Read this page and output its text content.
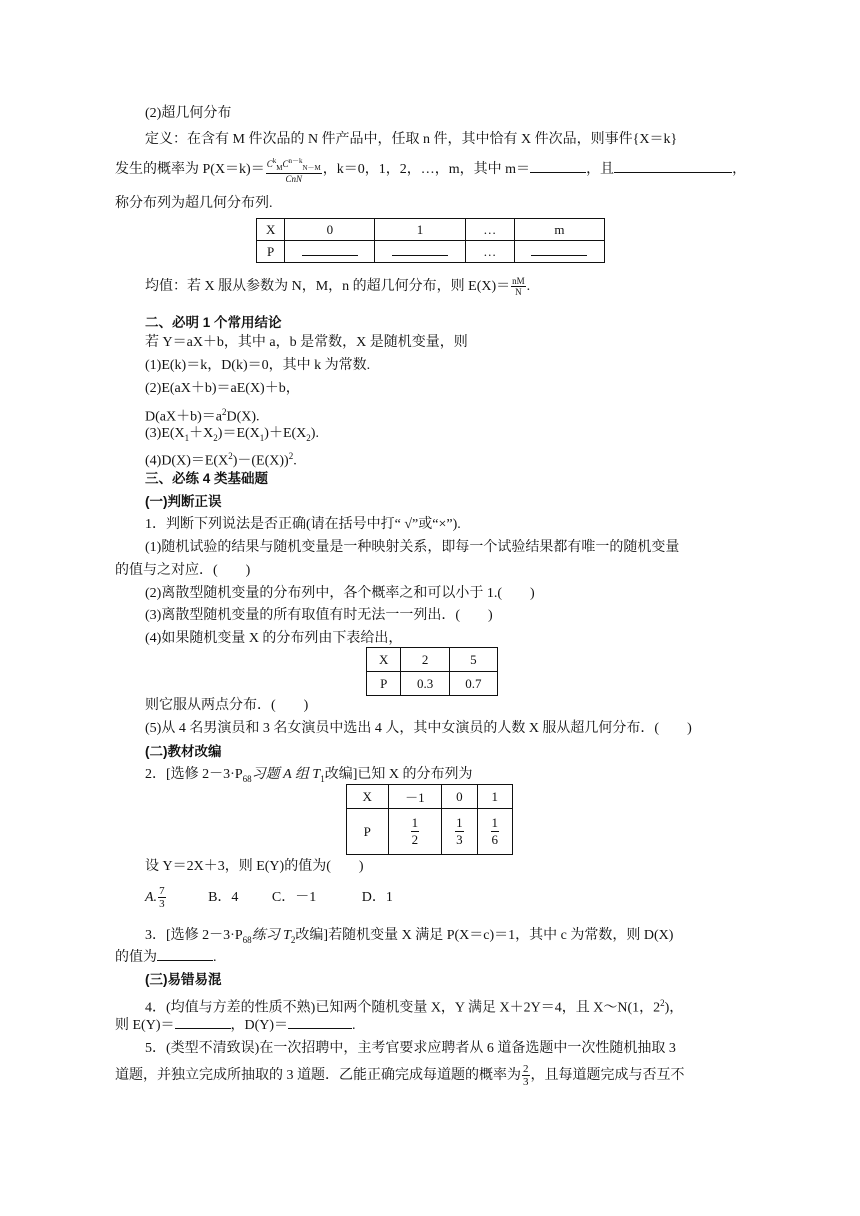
(2)超几何分布
定义：在含有 M 件次品的 N 件产品中，任取 n 件，其中恰有 X 件次品，则事件{X＝k}
发生的概率为 $P(X=k)= \frac{C^k_MC^{n-k}_{N-M}}{\text{CnN}}$ ，k＝0，1，2，…，m，其中 m＝	，且	，
称分布列为超几何分布列.
X	0	1	…	m
P			…	
均值：若 X 服从参数为 N，M，n 的超几何分布，则 $E(X)= \frac{nM}{N}$ .
二、必明 1 个常用结论
若 Y＝aX＋b，其中 a，b 是常数，X 是随机变量，则
(1)E(k)＝k，D(k)＝0，其中 k 为常数.
(2)E(aX＋b)＝aE(X)＋b，
$D(aX+b)=a^2D(X)$.
$(3)E(X_1+X_2)=E(X_1)+E(X_2)$.
$(4)D(X)=E(X^2)-(E(X))^2$.
三、必练 4 类基础题
(一)判断正误
1．判断下列说法是否正确(请在括号中打“ √”或“×”).
(1)随机试验的结果与随机变量是一种映射关系，即每一个试验结果都有唯一的随机变量
的值与之对应．(　　)
(2)离散型随机变量的分布列中，各个概率之和可以小于 1.(　　)
(3)离散型随机变量的所有取值有时无法一一列出．(　　)
(4)如果随机变量 X 的分布列由下表给出，
X	2	5
P	0.3	0.7
则它服从两点分布．(　　)
(5)从 4 名男演员和 3 名女演员中选出 4 人，其中女演员的人数 X 服从超几何分布．(　　)
(二)教材改编
2．[选修 $2-3\cdot P_{68}$习题 A 组 $T_1$改编]已知 X 的分布列为
X	－1	0	1
P	$\frac{1}{2}$	$\frac{1}{3}$	$\frac{1}{6}$
设 Y＝2X＋3，则 E(Y)的值为(　　)
A. $\frac{7}{3}$	B．4 C．－1	D．1
3．[选修 $2-3\cdot P_{68}$练习 $T_2$改编]若随机变量 X 满足 P(X＝c)＝1，其中 c 为常数，则 D(X)
的值为	.
(三)易错易混
4．(均值与方差的性质不熟)已知两个随机变量 X，Y 满足 X＋2Y＝4，且 X～N(1，$2^2$)，
则 E(Y)＝	，D(Y)＝	.
5．(类型不清致误)在一次招聘中，主考官要求应聘者从 6 道备选题中一次性随机抽取 3
道题，并独立完成所抽取的 3 道题．乙能正确完成每道题的概率为 $\frac{2}{3}$ ，且每道题完成与否互不
